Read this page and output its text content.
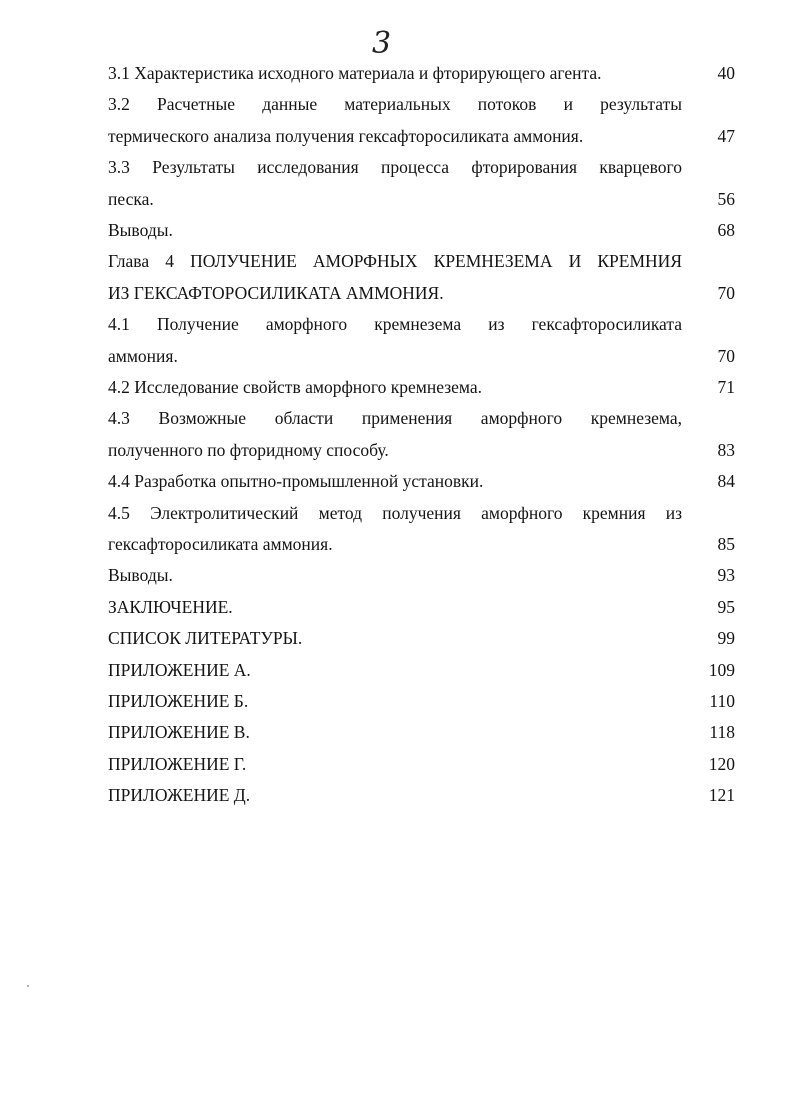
3
3.1 Характеристика исходного материала и фторирующего агента.	40
3.2 Расчетные данные материальных потоков и результаты
термического анализа получения гексафторосиликата аммония.	47
3.3 Результаты исследования процесса фторирования кварцевого
песка.	56
Выводы.	68
Глава 4 ПОЛУЧЕНИЕ АМОРФНЫХ КРЕМНЕЗЕМА И КРЕМНИЯ
ИЗ ГЕКСАФТОРОСИЛИКАТА АММОНИЯ.	70
4.1 Получение аморфного кремнезема из гексафторосиликата
аммония.	70
4.2 Исследование свойств аморфного кремнезема.	71
4.3 Возможные области применения аморфного кремнезема,
полученного по фторидному способу.	83
4.4 Разработка опытно-промышленной установки.	84
4.5 Электролитический метод получения аморфного кремния из
гексафторосиликата аммония.	85
Выводы.	93
ЗАКЛЮЧЕНИЕ.	95
СПИСОК ЛИТЕРАТУРЫ.	99
ПРИЛОЖЕНИЕ А.	109
ПРИЛОЖЕНИЕ Б.	110
ПРИЛОЖЕНИЕ В.	118
ПРИЛОЖЕНИЕ Г.	120
ПРИЛОЖЕНИЕ Д.	121
